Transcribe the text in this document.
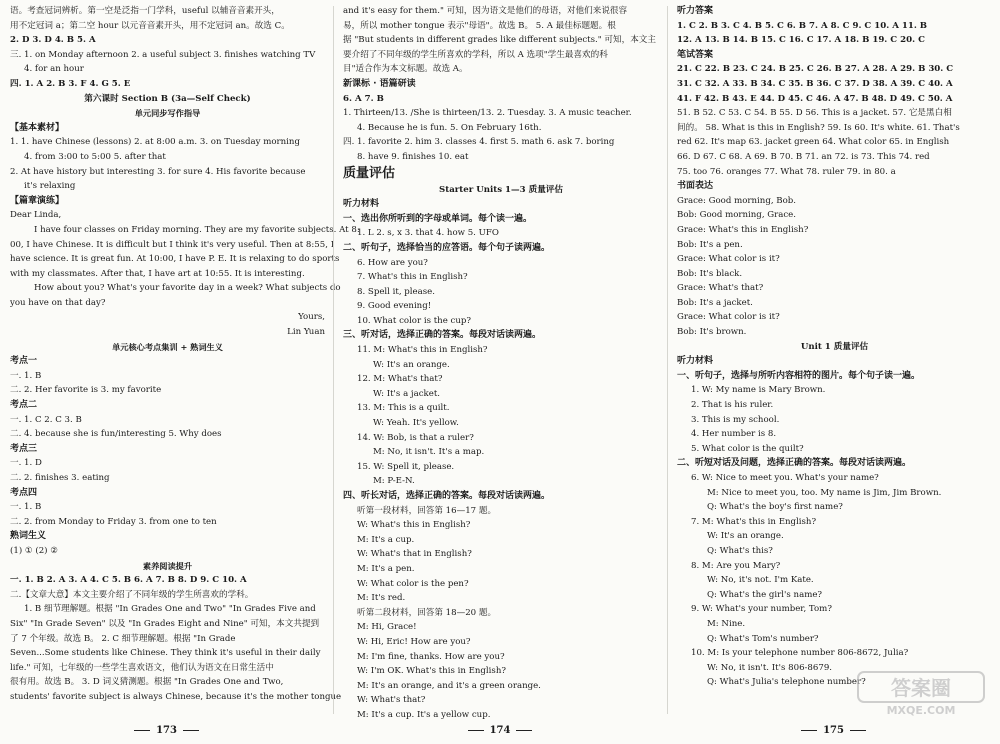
语。考查冠词辨析。第一空是泛指一门学科，useful 以辅音音素开头，
用不定冠词 a；第二空 hour 以元音音素开头，用不定冠词 an。故选 C。
2. D 3. D 4. B 5. A
三. 1. on Monday afternoon 2. a useful subject 3. finishes watching TV
4. for an hour
四. 1. A 2. B 3. F 4. G 5. E
第六课时 Section B (3a—Self Check)
单元同步写作指导
【基本素材】
1. 1. have Chinese (lessons) 2. at 8:00 a.m. 3. on Tuesday morning
4. from 3:00 to 5:00 5. after that
2. At have history but interesting 3. for sure 4. His favorite because
it's relaxing
【篇章演练】
Dear Linda,
I have four classes on Friday morning. They are my favorite subjects. At 8:
00, I have Chinese. It is difficult but I think it's very useful. Then at 8:55, I
have science. It is great fun. At 10:00, I have P. E. It is relaxing to do sports
with my classmates. After that, I have art at 10:55. It is interesting.
How about you? What's your favorite day in a week? What subjects do
you have on that day?
Yours,
Lin Yuan
单元核心考点集训 + 熟词生义
考点一
一. 1. B
二. 2. Her favorite is 3. my favorite
考点二
一. 1. C 2. C 3. B
二. 4. because she is fun/interesting 5. Why does
考点三
一. 1. D
二. 2. finishes 3. eating
考点四
一. 1. B
二. 2. from Monday to Friday 3. from one to ten
熟词生义
(1) ① (2) ②
素养阅读提升
一. 1. B 2. A 3. A 4. C 5. B 6. A 7. B 8. D 9. C 10. A
二.【文章大意】本文主要介绍了不同年级的学生所喜欢的学科。
1. B 细节理解题。根据 "In Grades One and Two" "In Grades Five and
Six" "In Grade Seven" 以及 "In Grades Eight and Nine" 可知，本文共提到
了 7 个年级。故选 B。 2. C 细节理解题。根据 "In Grade
Seven...Some students like Chinese. They think it's useful in their daily
life." 可知，七年级的一些学生喜欢语文，他们认为语文在日常生活中
很有用。故选 B。 3. D 词义猜测题。根据 "In Grades One and Two,
students' favorite subject is always Chinese, because it's the mother tongue
173
and it's easy for them." 可知，因为语文是他们的母语，对他们来说很容
易，所以 mother tongue 表示"母语"。故选 B。 5. A 最佳标题题。根
据 "But students in different grades like different subjects." 可知，本文主
要介绍了不同年级的学生所喜欢的学科，所以 A 选项"学生最喜欢的科
目"适合作为本文标题。故选 A。
新课标 · 语篇研读
6. A 7. B
1. Thirteen/13. /She is thirteen/13. 2. Tuesday. 3. A music teacher.
4. Because he is fun. 5. On February 16th.
四. 1. favorite 2. him 3. classes 4. first 5. math 6. ask 7. boring
8. have 9. finishes 10. eat
质量评估
Starter Units 1—3 质量评估
听力材料
一、选出你所听到的字母或单词。每个读一遍。
1. L 2. s, x 3. that 4. how 5. UFO
二、听句子，选择恰当的应答语。每个句子读两遍。
6. How are you?
7. What's this in English?
8. Spell it, please.
9. Good evening!
10. What color is the cup?
三、听对话，选择正确的答案。每段对话读两遍。
11. M: What's this in English?
W: It's an orange.
12. M: What's that?
W: It's a jacket.
13. M: This is a quilt.
W: Yeah. It's yellow.
14. W: Bob, is that a ruler?
M: No, it isn't. It's a map.
15. W: Spell it, please.
M: P-E-N.
四、听长对话，选择正确的答案。每段对话读两遍。
听第一段材料，回答第 16—17 题。
W: What's this in English?
M: It's a cup.
W: What's that in English?
M: It's a pen.
W: What color is the pen?
M: It's red.
听第二段材料，回答第 18—20 题。
M: Hi, Grace!
W: Hi, Eric! How are you?
M: I'm fine, thanks. How are you?
W: I'm OK. What's this in English?
M: It's an orange, and it's a green orange.
W: What's that?
M: It's a cup. It's a yellow cup.
174
听力答案
1. C 2. B 3. C 4. B 5. C 6. B 7. A 8. C 9. C 10. A 11. B
12. A 13. B 14. B 15. C 16. C 17. A 18. B 19. C 20. C
笔试答案
21. C 22. B 23. C 24. B 25. C 26. B 27. A 28. A 29. B 30. C
31. C 32. A 33. B 34. C 35. B 36. C 37. D 38. A 39. C 40. A
41. F 42. B 43. E 44. D 45. C 46. A 47. B 48. D 49. C 50. A
51. B 52. C 53. C 54. B 55. D 56. This is a jacket. 57. 它是黑白相
间的。 58. What is this in English? 59. Is 60. It's white. 61. That's
red 62. It's map 63. jacket green 64. What color 65. in English
66. D 67. C 68. A 69. B 70. B 71. an 72. is 73. This 74. red
75. too 76. oranges 77. What 78. ruler 79. in 80. a
书面表达
Grace: Good morning, Bob.
Bob: Good morning, Grace.
Grace: What's this in English?
Bob: It's a pen.
Grace: What color is it?
Bob: It's black.
Grace: What's that?
Bob: It's a jacket.
Grace: What color is it?
Bob: It's brown.
Unit 1 质量评估
听力材料
一、听句子，选择与所听内容相符的图片。每个句子读一遍。
1. W: My name is Mary Brown.
2. That is his ruler.
3. This is my school.
4. Her number is 8.
5. What color is the quilt?
二、听短对话及问题，选择正确的答案。每段对话读两遍。
6. W: Nice to meet you. What's your name?
M: Nice to meet you, too. My name is Jim, Jim Brown.
Q: What's the boy's first name?
7. M: What's this in English?
W: It's an orange.
Q: What's this?
8. M: Are you Mary?
W: No, it's not. I'm Kate.
Q: What's the girl's name?
9. W: What's your number, Tom?
M: Nine.
Q: What's Tom's number?
10. M: Is your telephone number 806-8672, Julia?
W: No, it isn't. It's 806-8679.
Q: What's Julia's telephone number?
175
答案圈
MXQE.COM
